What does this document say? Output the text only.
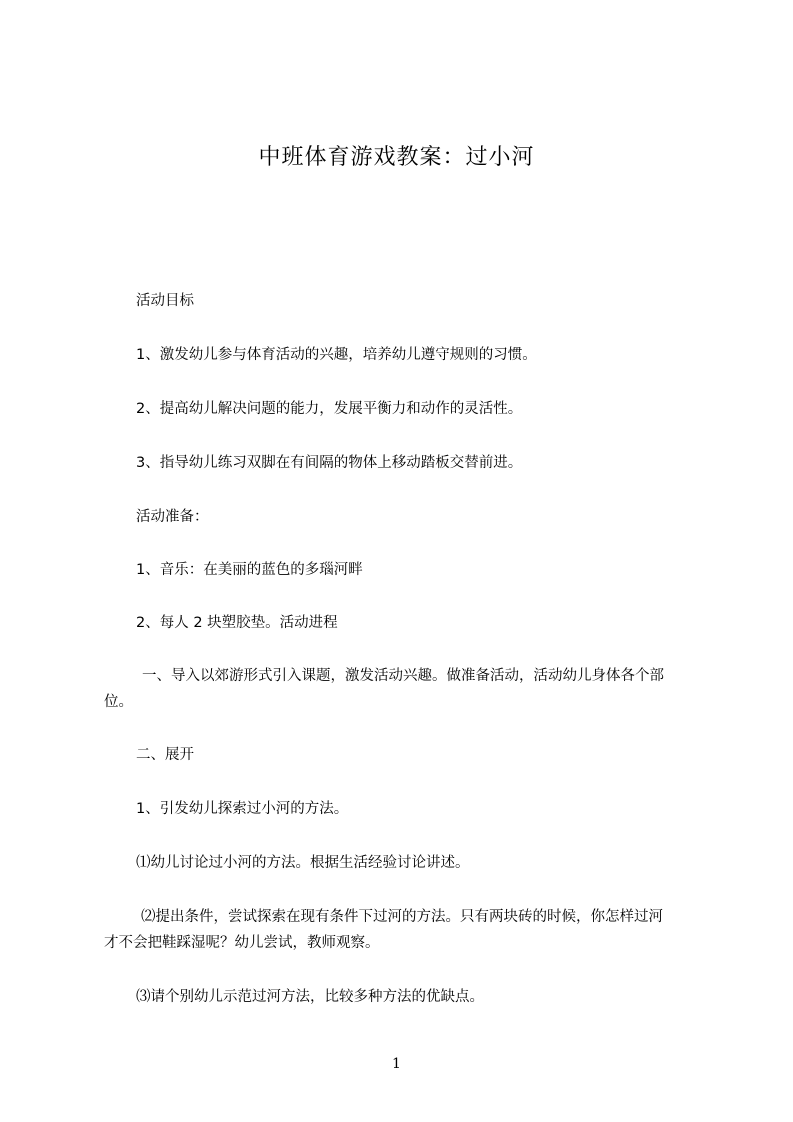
中班体育游戏教案：过小河
活动目标
1、激发幼儿参与体育活动的兴趣，培养幼儿遵守规则的习惯。
2、提高幼儿解决问题的能力，发展平衡力和动作的灵活性。
3、指导幼儿练习双脚在有间隔的物体上移动踏板交替前进。
活动准备：
1、音乐：在美丽的蓝色的多瑙河畔
2、每人 2 块塑胶垫。活动进程
一、导入以郊游形式引入课题，激发活动兴趣。做准备活动，活动幼儿身体各个部位。
二、展开
1、引发幼儿探索过小河的方法。
⑴幼儿讨论过小河的方法。根据生活经验讨论讲述。
⑵提出条件，尝试探索在现有条件下过河的方法。只有两块砖的时候，你怎样过河才不会把鞋踩湿呢？幼儿尝试，教师观察。
⑶请个别幼儿示范过河方法，比较多种方法的优缺点。
1
